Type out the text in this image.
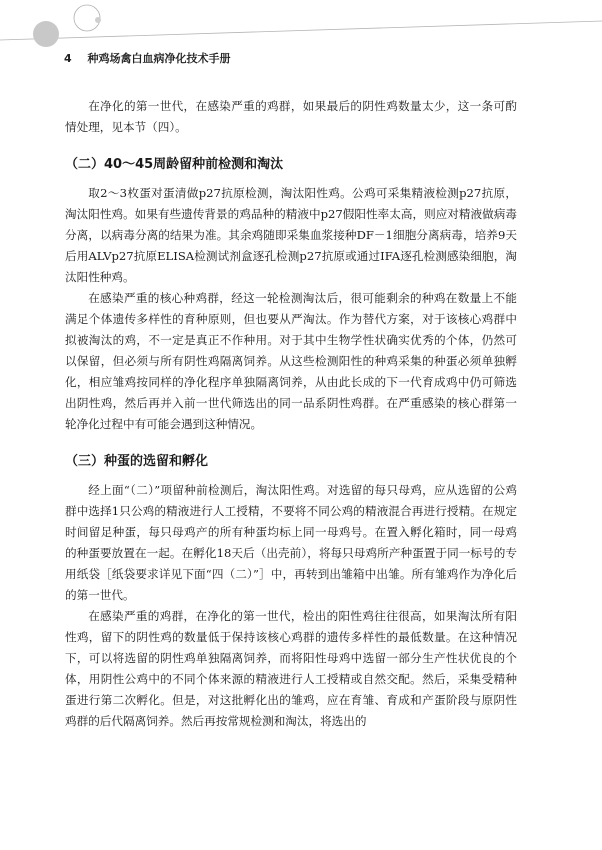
4 种鸡场禽白血病净化技术手册

在净化的第一世代，在感染严重的鸡群，如果最后的阴性鸡数量太少，这一条可酌情处理，见本节（四）。

（二）40～45周龄留种前检测和淘汰

取2～3枚蛋对蛋清做p27抗原检测，淘汰阳性鸡。公鸡可采集精液检测p27抗原，淘汰阳性鸡。如果有些遗传背景的鸡品种的精液中p27假阳性率太高，则应对精液做病毒分离，以病毒分离的结果为准。其余鸡随即采集血浆接种DF－1细胞分离病毒，培养9天后用ALVp27抗原ELISA检测试剂盒逐孔检测p27抗原或通过IFA逐孔检测感染细胞，淘汰阳性种鸡。

在感染严重的核心种鸡群，经这一轮检测淘汰后，很可能剩余的种鸡在数量上不能满足个体遗传多样性的育种原则，但也要从严淘汰。作为替代方案，对于该核心鸡群中拟被淘汰的鸡，不一定是真正不作种用。对于其中生物学性状确实优秀的个体，仍然可以保留，但必须与所有阴性鸡隔离饲养。从这些检测阳性的种鸡采集的种蛋必须单独孵化，相应雏鸡按同样的净化程序单独隔离饲养，从由此长成的下一代育成鸡中仍可筛选出阴性鸡，然后再并入前一世代筛选出的同一品系阴性鸡群。在严重感染的核心群第一轮净化过程中有可能会遇到这种情况。

（三）种蛋的选留和孵化

经上面“（二）”项留种前检测后，淘汰阳性鸡。对选留的每只母鸡，应从选留的公鸡群中选择1只公鸡的精液进行人工授精，不要将不同公鸡的精液混合再进行授精。在规定时间留足种蛋，每只母鸡产的所有种蛋均标上同一母鸡号。在置入孵化箱时，同一母鸡的种蛋要放置在一起。在孵化18天后（出壳前），将每只母鸡所产种蛋置于同一标号的专用纸袋［纸袋要求详见下面“四（二）”］中，再转到出雏箱中出雏。所有雏鸡作为净化后的第一世代。

在感染严重的鸡群，在净化的第一世代，检出的阳性鸡往往很高，如果淘汰所有阳性鸡，留下的阴性鸡的数量低于保持该核心鸡群的遗传多样性的最低数量。在这种情况下，可以将选留的阴性鸡单独隔离饲养，而将阳性母鸡中选留一部分生产性状优良的个体，用阴性公鸡中的不同个体来源的精液进行人工授精或自然交配。然后，采集受精种蛋进行第二次孵化。但是，对这批孵化出的雏鸡，应在育雏、育成和产蛋阶段与原阴性鸡群的后代隔离饲养。然后再按常规检测和淘汰，将选出的
